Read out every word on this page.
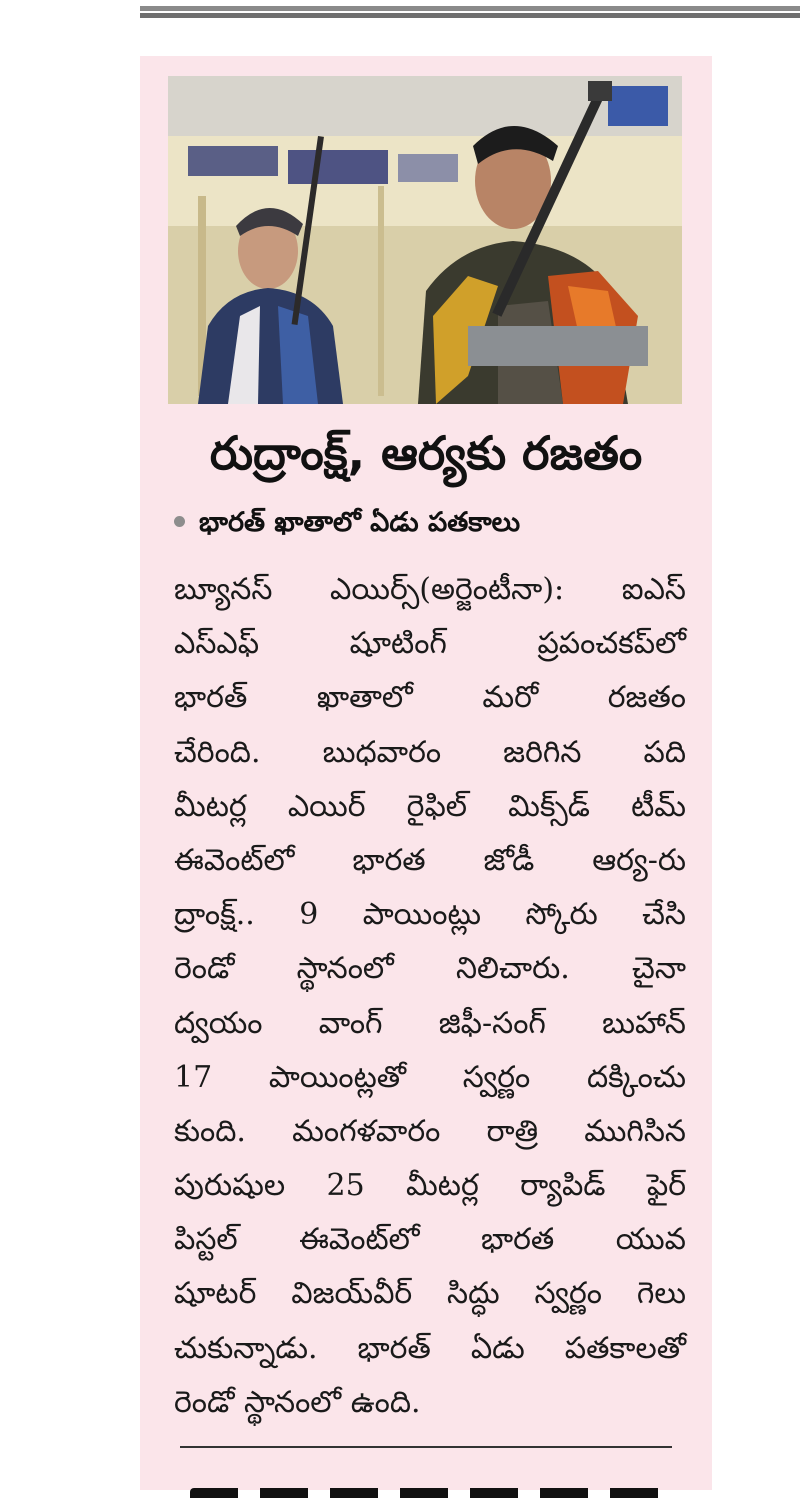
రుద్రాంక్ష్, ఆర్యకు రజతం
భారత్ ఖాతాలో ఏడు పతకాలు
బ్యూనస్ ఎయిర్స్(అర్జెంటీనా): ఐఎస్
ఎస్ఎఫ్ షూటింగ్ ప్రపంచకప్‌లో
భారత్ ఖాతాలో మరో రజతం
చేరింది. బుధవారం జరిగిన పది
మీటర్ల ఎయిర్ రైఫిల్ మిక్స్‌డ్ టీమ్
ఈవెంట్‌లో భారత జోడీ ఆర్య-రు
ద్రాంక్ష్.. 9 పాయింట్లు స్కోరు చేసి
రెండో స్థానంలో నిలిచారు. చైనా
ద్వయం వాంగ్ జిఫీ-సంగ్ బుహాన్
17 పాయింట్లతో స్వర్ణం దక్కించు
కుంది. మంగళవారం రాత్రి ముగిసిన
పురుషుల 25 మీటర్ల ర్యాపిడ్ ఫైర్
పిస్టల్ ఈవెంట్‌లో భారత యువ
షూటర్ విజయ్‌వీర్ సిద్ధు స్వర్ణం గెలు
చుకున్నాడు. భారత్ ఏడు పతకాలతో
రెండో స్థానంలో ఉంది.
